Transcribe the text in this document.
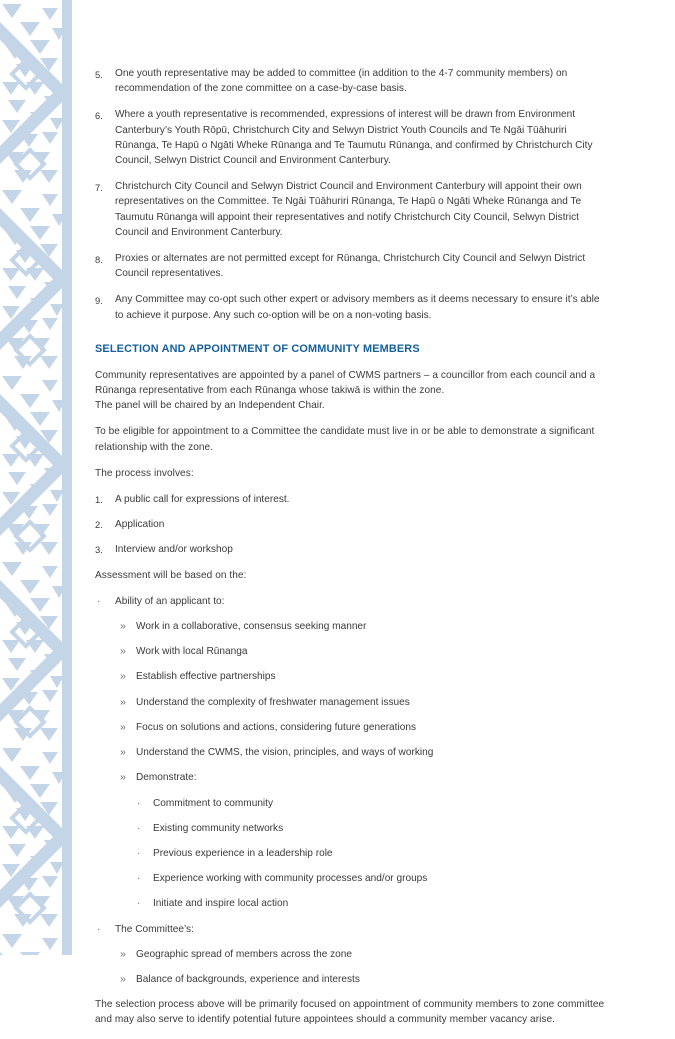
5.	One youth representative may be added to committee (in addition to the 4-7 community members) on recommendation of the zone committee on a case-by-case basis.
6.	Where a youth representative is recommended, expressions of interest will be drawn from Environment Canterbury’s Youth Rōpū, Christchurch City and Selwyn District Youth Councils and Te Ngāi Tūāhuriri Rūnanga, Te Hapū o Ngāti Wheke Rūnanga and Te Taumutu Rūnanga, and confirmed by Christchurch City Council, Selwyn District Council and Environment Canterbury.
7.	Christchurch City Council and Selwyn District Council and Environment Canterbury will appoint their own representatives on the Committee. Te Ngāi Tūāhuriri Rūnanga, Te Hapū o Ngāti Wheke Rūnanga and Te Taumutu Rūnanga will appoint their representatives and notify Christchurch City Council, Selwyn District Council and Environment Canterbury.
8.	Proxies or alternates are not permitted except for Rūnanga, Christchurch City Council and Selwyn District Council representatives.
9.	Any Committee may co-opt such other expert or advisory members as it deems necessary to ensure it’s able to achieve it purpose. Any such co-option will be on a non-voting basis.
SELECTION AND APPOINTMENT OF COMMUNITY MEMBERS

Community representatives are appointed by a panel of CWMS partners – a councillor from each council and a Rūnanga representative from each Rūnanga whose takiwā is within the zone.
The panel will be chaired by an Independent Chair.

To be eligible for appointment to a Committee the candidate must live in or be able to demonstrate a significant relationship with the zone.

The process involves:

1.	A public call for expressions of interest.
2.	Application
3.	Interview and/or workshop

Assessment will be based on the:

·	Ability of an applicant to:
»	Work in a collaborative, consensus seeking manner
»	Work with local Rūnanga
»	Establish effective partnerships
»	Understand the complexity of freshwater management issues
»	Focus on solutions and actions, considering future generations
»	Understand the CWMS, the vision, principles, and ways of working
»	Demonstrate:
·	Commitment to community
·	Existing community networks
·	Previous experience in a leadership role
·	Experience working with community processes and/or groups
·	Initiate and inspire local action
·	The Committee’s:
»	Geographic spread of members across the zone
»	Balance of backgrounds, experience and interests

The selection process above will be primarily focused on appointment of community members to zone committee and may also serve to identify potential future appointees should a community member vacancy arise.
